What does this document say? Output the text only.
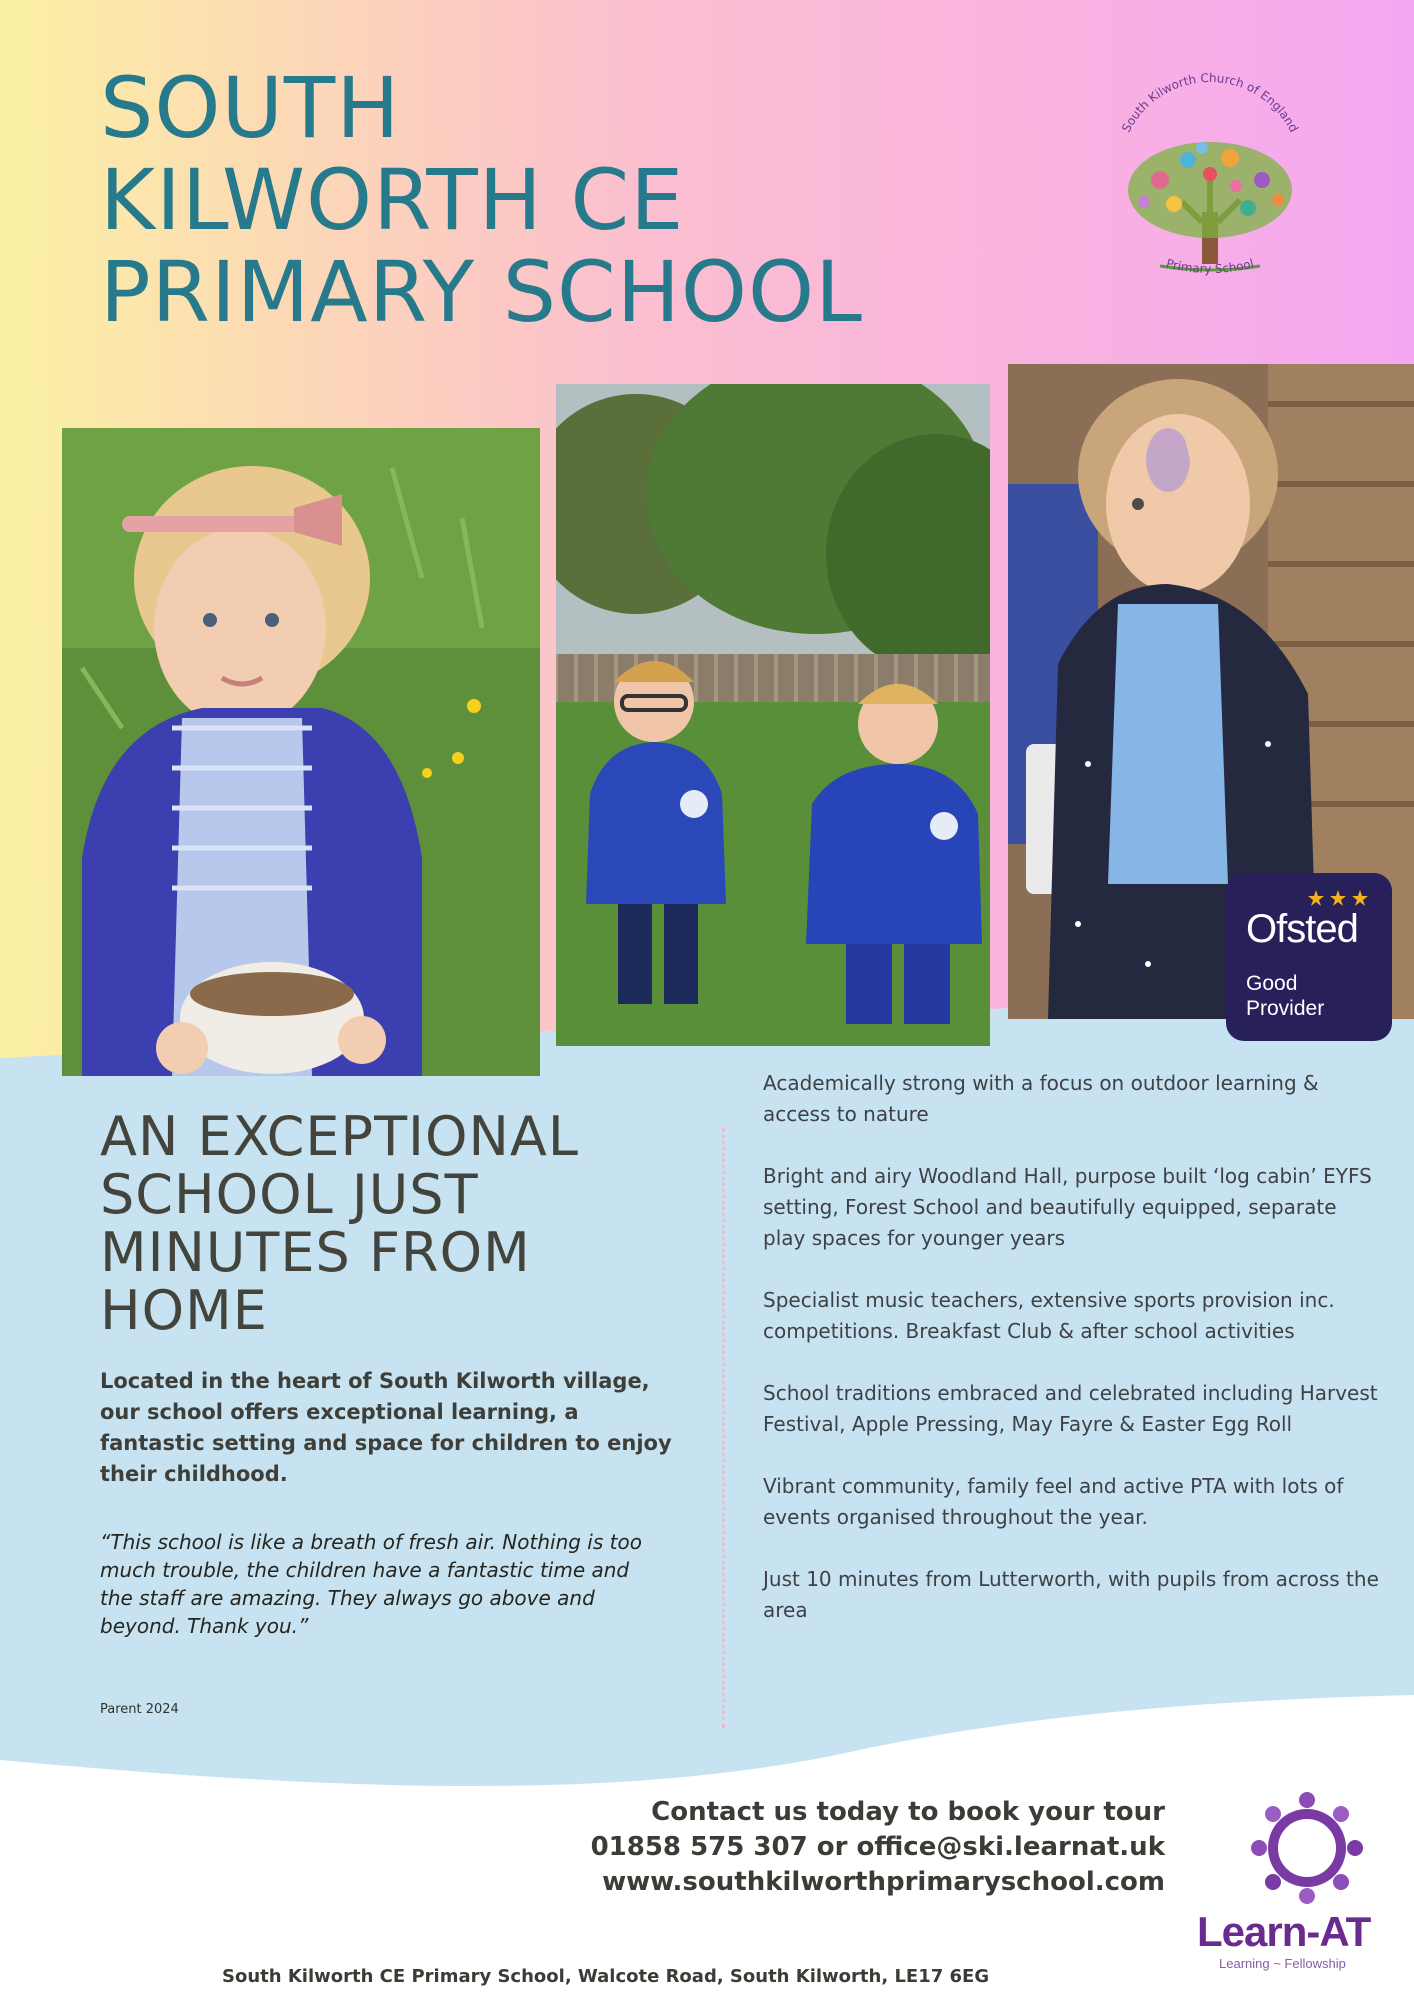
SOUTH
KILWORTH CE
PRIMARY SCHOOL
South Kilworth Church of England
Primary School
Ofsted
Good
Provider
AN EXCEPTIONAL
SCHOOL JUST
MINUTES FROM
HOME

Located in the heart of South Kilworth village, our school offers exceptional learning, a fantastic setting and space for children to enjoy their childhood.

“This school is like a breath of fresh air. Nothing is too much trouble, the children have a fantastic time and the staff are amazing. They always go above and beyond. Thank you.”

Parent 2024

Academically strong with a focus on outdoor learning & access to nature
Bright and airy Woodland Hall, purpose built ‘log cabin’ EYFS setting, Forest School and beautifully equipped, separate play spaces for younger years
Specialist music teachers, extensive sports provision inc. competitions. Breakfast Club & after school activities
School traditions embraced and celebrated including Harvest Festival, Apple Pressing, May Fayre & Easter Egg Roll
Vibrant community, family feel and active PTA with lots of events organised throughout the year.
Just 10 minutes from Lutterworth, with pupils from across the area
Contact us today to book your tour
01858 575 307 or office@ski.learnat.uk
www.southkilworthprimaryschool.com

South Kilworth CE Primary School, Walcote Road, South Kilworth, LE17 6EG

Learn-AT
Learning ~ Fellowship
